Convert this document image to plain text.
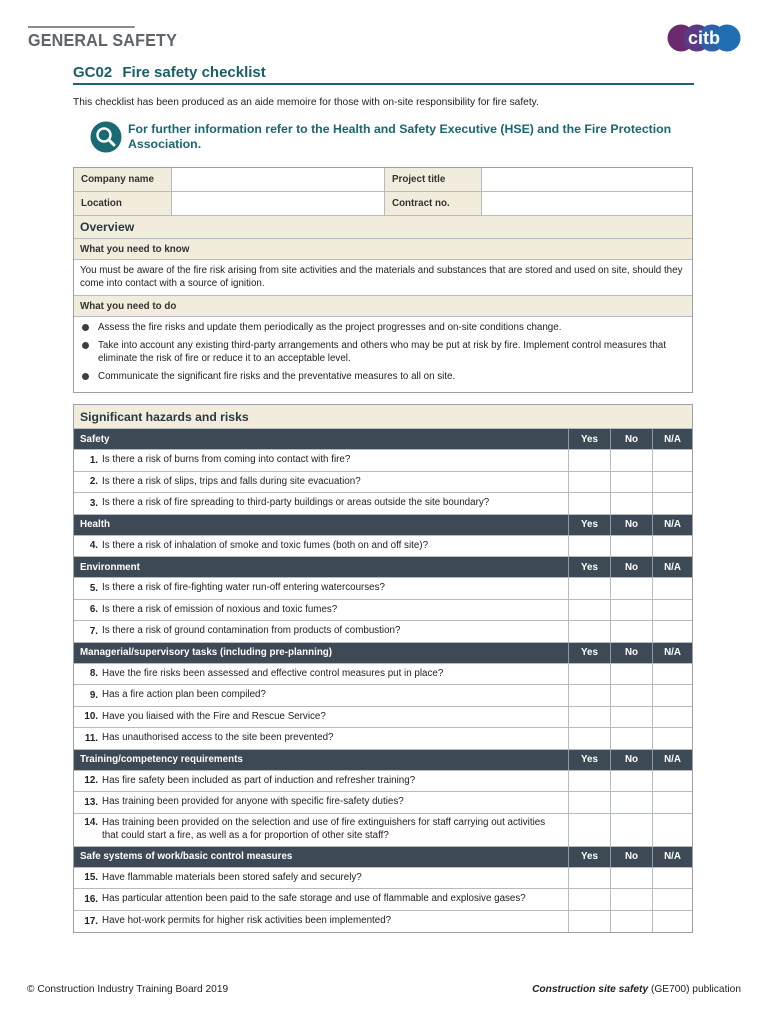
GENERAL SAFETY	citb
GC02 Fire safety checklist
This checklist has been produced as an aide memoire for those with on-site responsibility for fire safety.
For further information refer to the Health and Safety Executive (HSE) and the Fire Protection Association.
Company name	Project title
Location	Contract no.
Overview
What you need to know
You must be aware of the fire risk arising from site activities and the materials and substances that are stored and used on site, should they come into contact with a source of ignition.
What you need to do
Assess the fire risks and update them periodically as the project progresses and on-site conditions change.
Take into account any existing third-party arrangements and others who may be put at risk by fire. Implement control measures that eliminate the risk of fire or reduce it to an acceptable level.
Communicate the significant fire risks and the preventative measures to all on site.
Significant hazards and risks
Safety	Yes	No	N/A
1. Is there a risk of burns from coming into contact with fire?
2. Is there a risk of slips, trips and falls during site evacuation?
3. Is there a risk of fire spreading to third-party buildings or areas outside the site boundary?
Health	Yes	No	N/A
4. Is there a risk of inhalation of smoke and toxic fumes (both on and off site)?
Environment	Yes	No	N/A
5. Is there a risk of fire-fighting water run-off entering watercourses?
6. Is there a risk of emission of noxious and toxic fumes?
7. Is there a risk of ground contamination from products of combustion?
Managerial/supervisory tasks (including pre-planning)	Yes	No	N/A
8. Have the fire risks been assessed and effective control measures put in place?
9. Has a fire action plan been compiled?
10. Have you liaised with the Fire and Rescue Service?
11. Has unauthorised access to the site been prevented?
Training/competency requirements	Yes	No	N/A
12. Has fire safety been included as part of induction and refresher training?
13. Has training been provided for anyone with specific fire-safety duties?
14. Has training been provided on the selection and use of fire extinguishers for staff carrying out activities that could start a fire, as well as a for proportion of other site staff?
Safe systems of work/basic control measures	Yes	No	N/A
15. Have flammable materials been stored safely and securely?
16. Has particular attention been paid to the safe storage and use of flammable and explosive gases?
17. Have hot-work permits for higher risk activities been implemented?
© Construction Industry Training Board 2019	Construction site safety (GE700) publication
